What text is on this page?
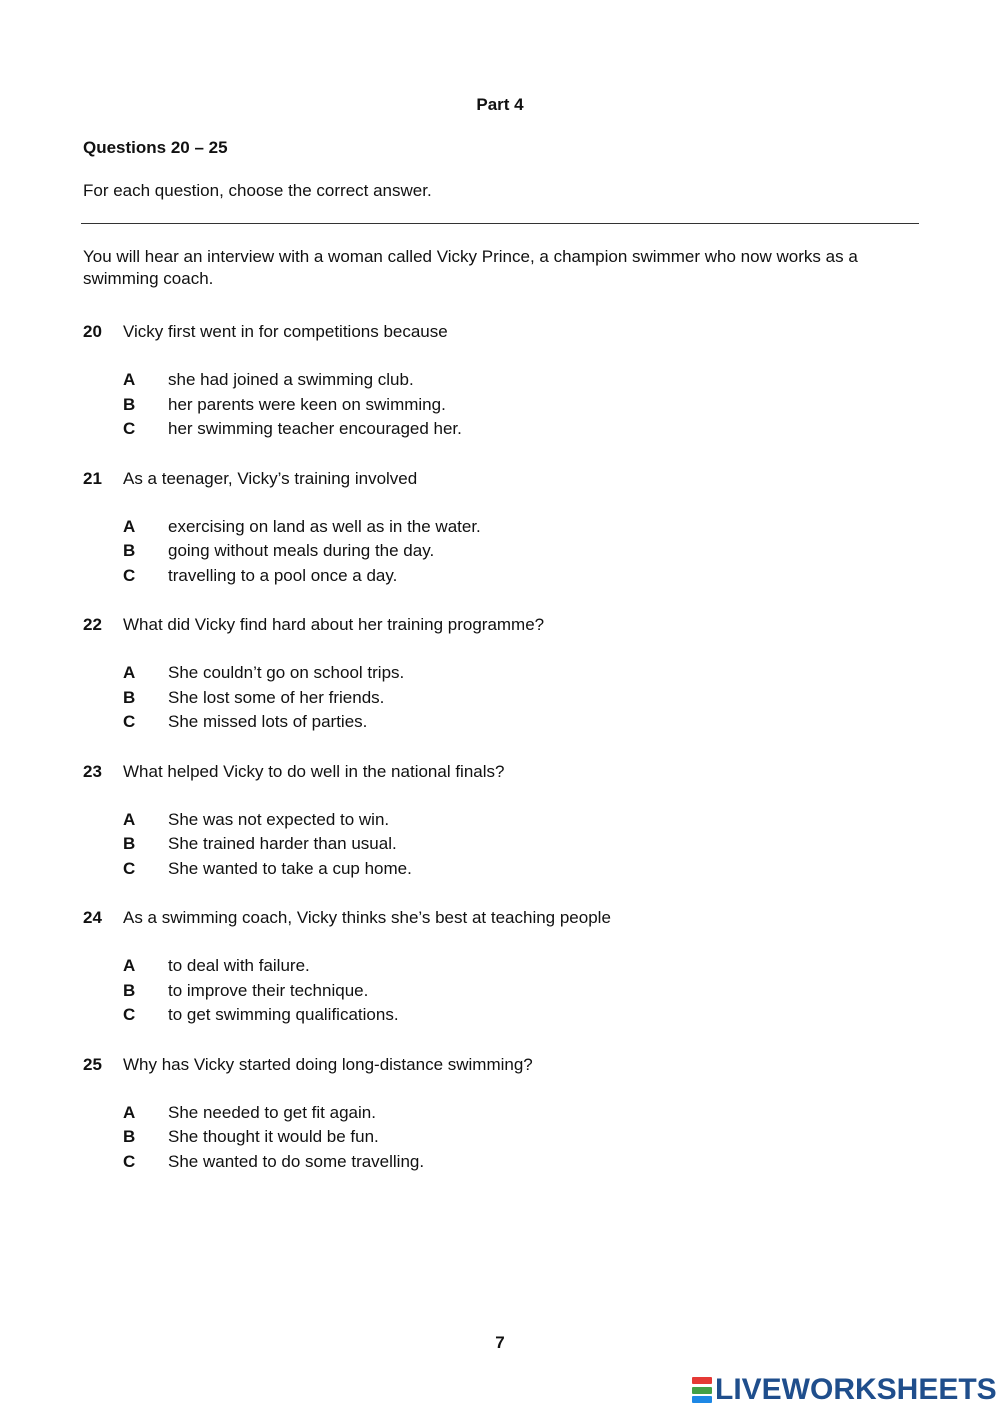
Part 4
Questions 20 – 25
For each question, choose the correct answer.
You will hear an interview with a woman called Vicky Prince, a champion swimmer who now works as a swimming coach.
20 Vicky first went in for competitions because
A she had joined a swimming club.
B her parents were keen on swimming.
C her swimming teacher encouraged her.
21 As a teenager, Vicky’s training involved
A exercising on land as well as in the water.
B going without meals during the day.
C travelling to a pool once a day.
22 What did Vicky find hard about her training programme?
A She couldn’t go on school trips.
B She lost some of her friends.
C She missed lots of parties.
23 What helped Vicky to do well in the national finals?
A She was not expected to win.
B She trained harder than usual.
C She wanted to take a cup home.
24 As a swimming coach, Vicky thinks she’s best at teaching people
A to deal with failure.
B to improve their technique.
C to get swimming qualifications.
25 Why has Vicky started doing long-distance swimming?
A She needed to get fit again.
B She thought it would be fun.
C She wanted to do some travelling.
7
LIVEWORKSHEETS
